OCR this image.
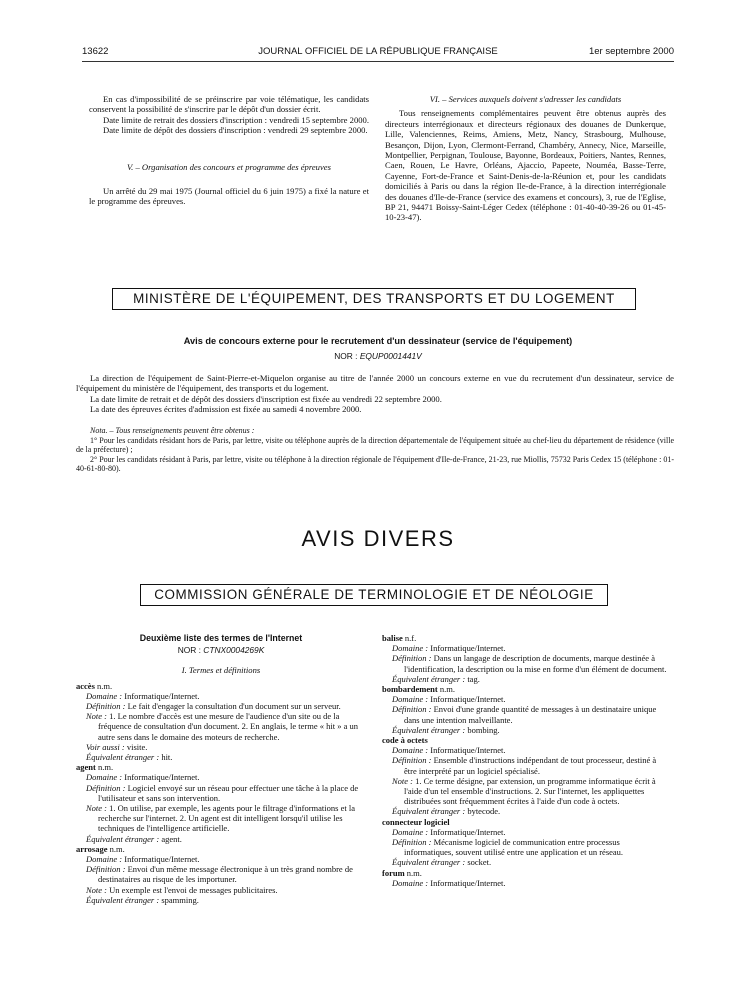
13622	JOURNAL OFFICIEL DE LA RÉPUBLIQUE FRANÇAISE	1er septembre 2000

En cas d'impossibilité de se préinscrire par voie télématique, les candidats conservent la possibilité de s'inscrire par le dépôt d'un dossier écrit.

Date limite de retrait des dossiers d'inscription : vendredi 15 septembre 2000.

Date limite de dépôt des dossiers d'inscription : vendredi 29 septembre 2000.

V. – Organisation des concours et programme des épreuves

Un arrêté du 29 mai 1975 (Journal officiel du 6 juin 1975) a fixé la nature et le programme des épreuves.

VI. – Services auxquels doivent s'adresser les candidats

Tous renseignements complémentaires peuvent être obtenus auprès des directeurs interrégionaux et directeurs régionaux des douanes de Dunkerque, Lille, Valenciennes, Reims, Amiens, Metz, Nancy, Strasbourg, Mulhouse, Besançon, Dijon, Lyon, Clermont-Ferrand, Chambéry, Annecy, Nice, Marseille, Montpellier, Perpignan, Toulouse, Bayonne, Bordeaux, Poitiers, Nantes, Rennes, Caen, Rouen, Le Havre, Orléans, Ajaccio, Papeete, Nouméa, Basse-Terre, Cayenne, Fort-de-France et Saint-Denis-de-la-Réunion et, pour les candidats domiciliés à Paris ou dans la région Ile-de-France, à la direction interrégionale des douanes d'Ile-de-France (service des examens et concours), 3, rue de l'Eglise, BP 21, 94471 Boissy-Saint-Léger Cedex (téléphone : 01-40-40-39-26 ou 01-45-10-23-47).

MINISTÈRE DE L'ÉQUIPEMENT, DES TRANSPORTS ET DU LOGEMENT
Avis de concours externe pour le recrutement d'un dessinateur (service de l'équipement)
NOR : EQUP0001441V

La direction de l'équipement de Saint-Pierre-et-Miquelon organise au titre de l'année 2000 un concours externe en vue du recrutement d'un dessinateur, service de l'équipement du ministère de l'équipement, des transports et du logement.

La date limite de retrait et de dépôt des dossiers d'inscription est fixée au vendredi 22 septembre 2000.

La date des épreuves écrites d'admission est fixée au samedi 4 novembre 2000.

Nota. – Tous renseignements peuvent être obtenus :

1° Pour les candidats résidant hors de Paris, par lettre, visite ou téléphone auprès de la direction départementale de l'équipement située au chef-lieu du département de résidence (ville de la préfecture) ;

2° Pour les candidats résidant à Paris, par lettre, visite ou téléphone à la direction régionale de l'équipement d'Ile-de-France, 21-23, rue Miollis, 75732 Paris Cedex 15 (téléphone : 01-40-61-80-80).

AVIS DIVERS
COMMISSION GÉNÉRALE DE TERMINOLOGIE ET DE NÉOLOGIE
Deuxième liste des termes de l'Internet
NOR : CTNX0004269K
I. Termes et définitions
accès n.m.
Domaine : Informatique/Internet.
Définition : Le fait d'engager la consultation d'un document sur un serveur.
Note : 1. Le nombre d'accès est une mesure de l'audience d'un site ou de la fréquence de consultation d'un document. 2. En anglais, le terme « hit » a un autre sens dans le domaine des moteurs de recherche.
Voir aussi : visite.
Équivalent étranger : hit.
agent n.m.
Domaine : Informatique/Internet.
Définition : Logiciel envoyé sur un réseau pour effectuer une tâche à la place de l'utilisateur et sans son intervention.
Note : 1. On utilise, par exemple, les agents pour le filtrage d'informations et la recherche sur l'internet. 2. Un agent est dit intelligent lorsqu'il utilise les techniques de l'intelligence artificielle.
Équivalent étranger : agent.
arrosage n.m.
Domaine : Informatique/Internet.
Définition : Envoi d'un même message électronique à un très grand nombre de destinataires au risque de les importuner.
Note : Un exemple est l'envoi de messages publicitaires.
Équivalent étranger : spamming.
balise n.f.
Domaine : Informatique/Internet.
Définition : Dans un langage de description de documents, marque destinée à l'identification, la description ou la mise en forme d'un élément de document.
Équivalent étranger : tag.
bombardement n.m.
Domaine : Informatique/Internet.
Définition : Envoi d'une grande quantité de messages à un destinataire unique dans une intention malveillante.
Équivalent étranger : bombing.
code à octets
Domaine : Informatique/Internet.
Définition : Ensemble d'instructions indépendant de tout processeur, destiné à être interprété par un logiciel spécialisé.
Note : 1. Ce terme désigne, par extension, un programme informatique écrit à l'aide d'un tel ensemble d'instructions. 2. Sur l'internet, les appliquettes distribuées sont fréquemment écrites à l'aide d'un code à octets.
Équivalent étranger : bytecode.
connecteur logiciel
Domaine : Informatique/Internet.
Définition : Mécanisme logiciel de communication entre processus informatiques, souvent utilisé entre une application et un réseau.
Équivalent étranger : socket.
forum n.m.
Domaine : Informatique/Internet.
